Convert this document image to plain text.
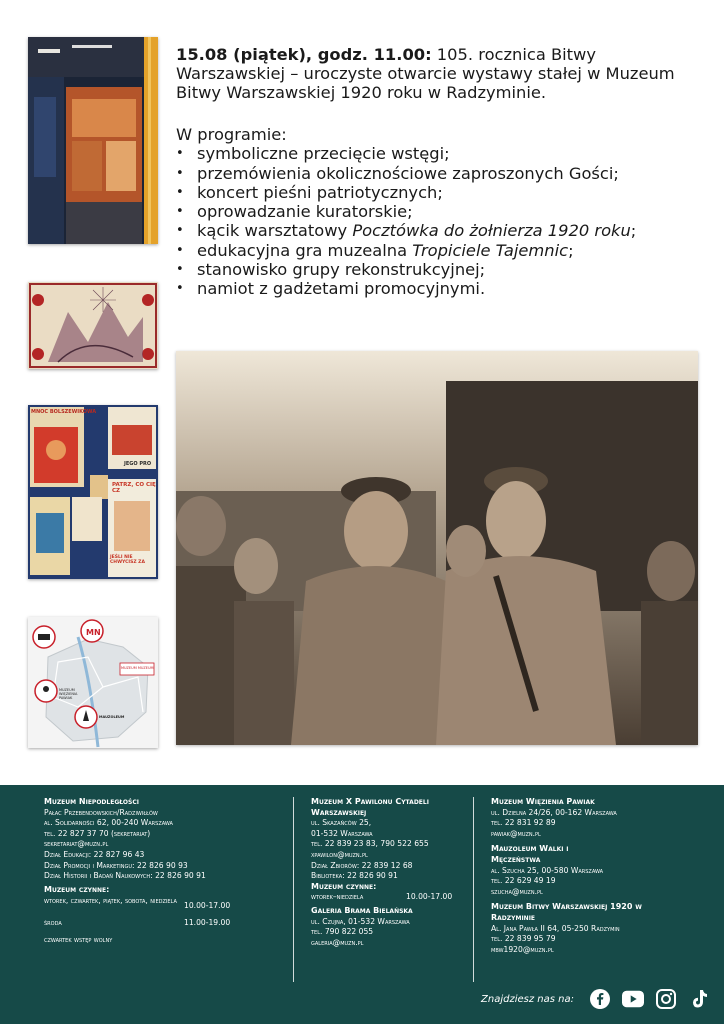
MNOC BOLSZEWIKOWA
JEGO PRO
PATRZ, CO CIĘ CZ
JEŚLI NIE CHWYCISZ ZA
MN
MUZEUM MUZEUM
MUZEUM WIĘZIENIA PAWIAK
MAUZOLEUM
15.08 (piątek), godz. 11.00: 105. rocznica Bitwy Warszawskiej – uroczyste otwarcie wystawy stałej w Muzeum Bitwy Warszawskiej 1920 roku w Radzyminie.
W programie:
• symboliczne przecięcie wstęgi;
• przemówienia okolicznościowe zaproszonych Gości;
• koncert pieśni patriotycznych;
• oprowadzanie kuratorskie;
• kącik warsztatowy Pocztówka do żołnierza 1920 roku;
• edukacyjna gra muzealna Tropiciele Tajemnic;
• stanowisko grupy rekonstrukcyjnej;
• namiot z gadżetami promocyjnymi.
Muzeum Niepodległości
Pałac Przebendowskich/Radziwiłłów
al. Solidarności 62, 00-240 Warszawa
tel. 22 827 37 70 (sekretariat)
sekretariat@muzn.pl
Dział Edukacji: 22 827 96 43
Dział Promocji i Marketingu: 22 826 90 93
Dział Historii i Badań Naukowych: 22 826 90 91
Muzeum czynne:
wtorek, czwartek, piątek, sobota, niedziela
10.00-17.00
środa	11.00-19.00
czwartek wstęp wolny
Muzeum X Pawilonu Cytadeli Warszawskiej
ul. Skazańców 25,
01-532 Warszawa
tel. 22 839 23 83, 790 522 655
xpawilon@muzn.pl
Dział Zbiorów: 22 839 12 68
Biblioteka: 22 826 90 91
Muzeum czynne:
wtorek–niedziela	10.00-17.00
Galeria Brama Bielańska
ul. Czujna, 01-532 Warszawa
tel. 790 822 055
galeria@muzn.pl
Muzeum Więzienia Pawiak
ul. Dzielna 24/26, 00-162 Warszawa
tel. 22 831 92 89
pawiak@muzn.pl
Mauzoleum Walki i Męczeństwa
al. Szucha 25, 00-580 Warszawa
tel. 22 629 49 19
szucha@muzn.pl
Muzeum Bitwy Warszawskiej 1920 w Radzyminie
Al. Jana Pawła II 64, 05-250 Radzymin
tel. 22 839 95 79
mbw1920@muzn.pl
Znajdziesz nas na:
